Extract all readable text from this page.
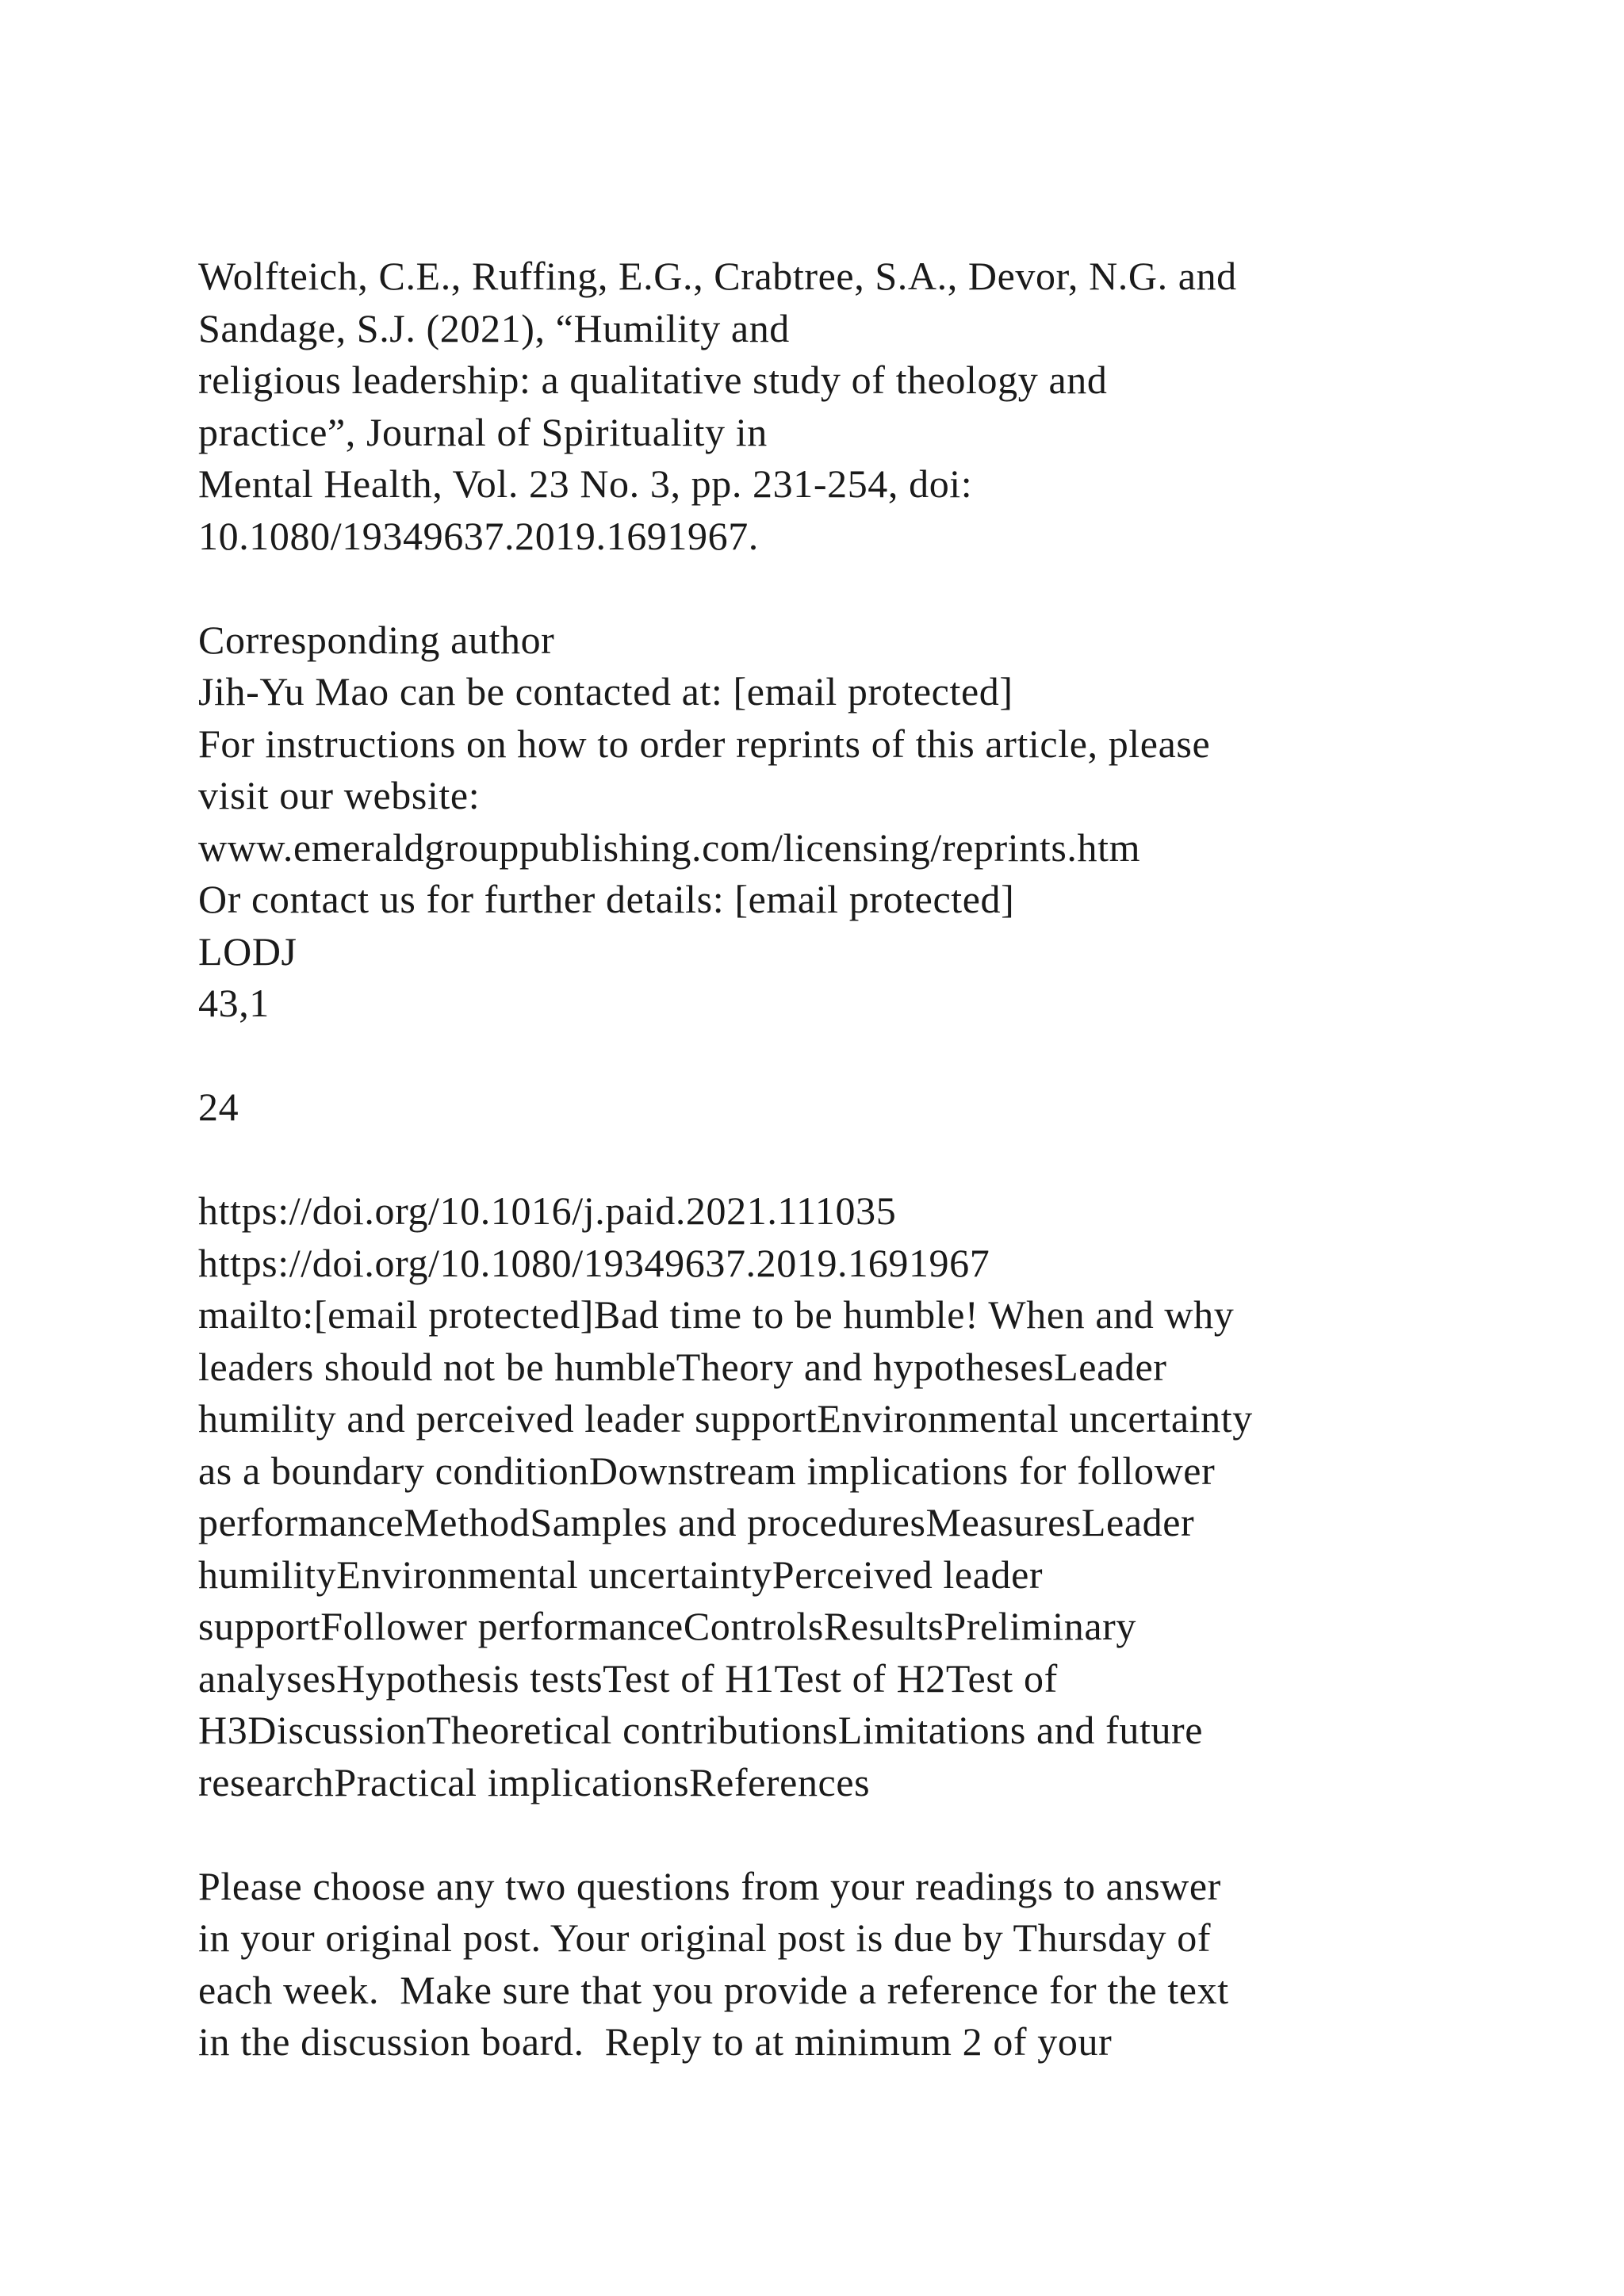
Wolfteich, C.E., Ruffing, E.G., Crabtree, S.A., Devor, N.G. and
Sandage, S.J. (2021), “Humility and
religious leadership: a qualitative study of theology and
practice”, Journal of Spirituality in
Mental Health, Vol. 23 No. 3, pp. 231-254, doi:
10.1080/19349637.2019.1691967.
Corresponding author
Jih-Yu Mao can be contacted at: [email protected]
For instructions on how to order reprints of this article, please
visit our website:
www.emeraldgrouppublishing.com/licensing/reprints.htm
Or contact us for further details: [email protected]
LODJ
43,1
24
https://doi.org/10.1016/j.paid.2021.111035
https://doi.org/10.1080/19349637.2019.1691967
mailto:[email protected]Bad time to be humble! When and why
leaders should not be humbleTheory and hypothesesLeader
humility and perceived leader supportEnvironmental uncertainty
as a boundary conditionDownstream implications for follower
performanceMethodSamples and proceduresMeasuresLeader
humilityEnvironmental uncertaintyPerceived leader
supportFollower performanceControlsResultsPreliminary
analysesHypothesis testsTest of H1Test of H2Test of
H3DiscussionTheoretical contributionsLimitations and future
researchPractical implicationsReferences
Please choose any two questions from your readings to answer
in your original post. Your original post is due by Thursday of
each week.  Make sure that you provide a reference for the text
in the discussion board.  Reply to at minimum 2 of your
